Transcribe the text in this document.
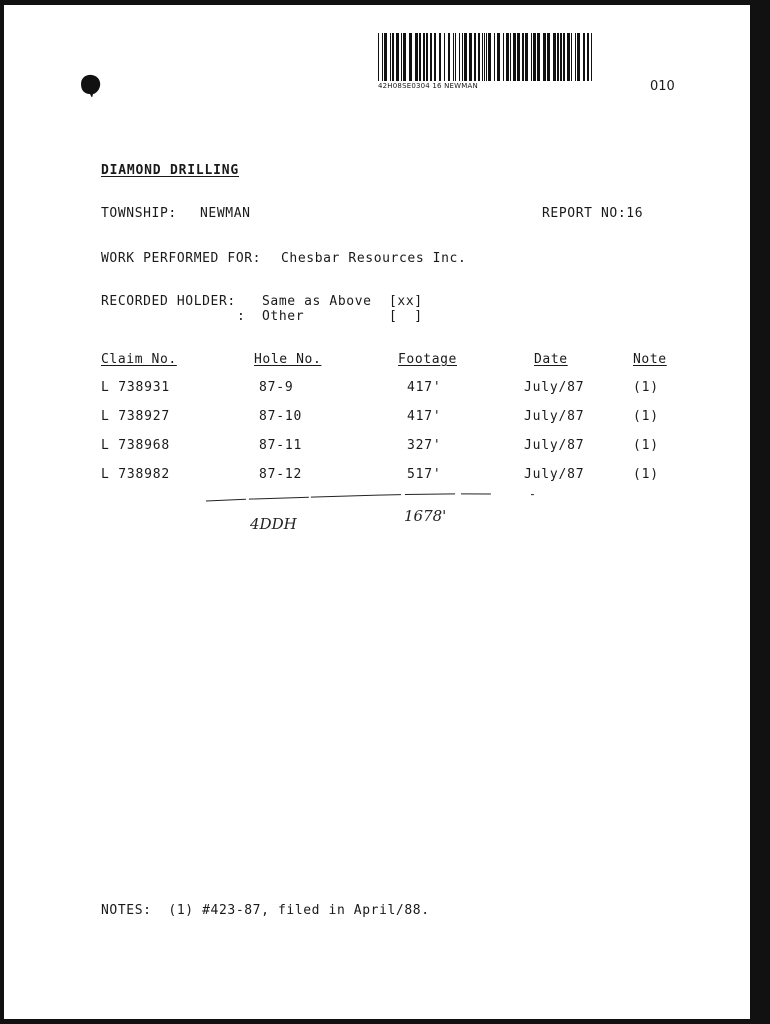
42H08SE0304 16 NEWMAN	010
DIAMOND DRILLING
TOWNSHIP: NEWMAN	REPORT NO:16
WORK PERFORMED FOR: Chesbar Resources Inc.
RECORDED HOLDER: Same as Above [xx]
: Other	[  ]
Claim No.	Hole No.	Footage	Date	Note
L 738931	87-9	417'	July/87	(1)
L 738927	87-10	417'	July/87	(1)
L 738968	87-11	327'	July/87	(1)
L 738982	87-12	517'	July/87	(1)
4DDH	1678'
NOTES:  (1) #423-87, filed in April/88.
